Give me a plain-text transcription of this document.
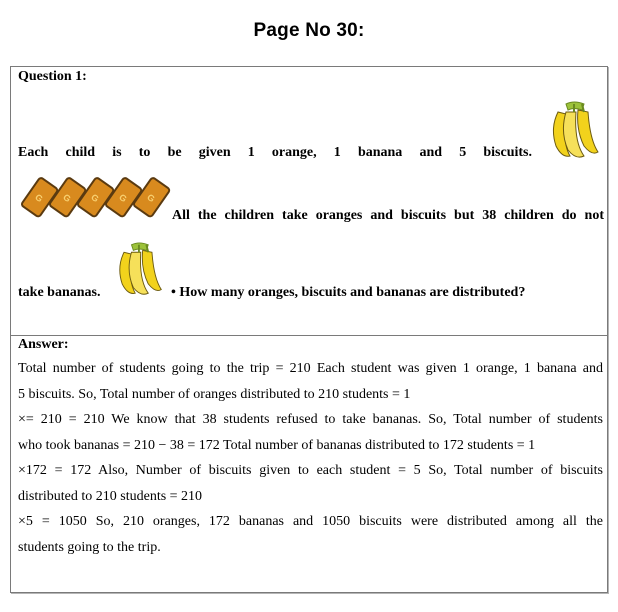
Page No 30:
Question 1:
Each child is to be given 1 orange, 1 banana and 5 biscuits.
G G G G G
All the children take oranges and biscuits but 38 children do not
take bananas.	• How many oranges, biscuits and bananas are distributed?
Answer:
Total number of students going to the trip = 210 Each student was given 1 orange, 1 banana and
5 biscuits. So, Total number of oranges distributed to 210 students = 1
×= 210 = 210 We know that 38 students refused to take bananas. So, Total number of students
who took bananas = 210 − 38 = 172 Total number of bananas distributed to 172 students = 1
×172 = 172 Also, Number of biscuits given to each student = 5 So, Total number of biscuits
distributed to 210 students = 210
×5 = 1050 So, 210 oranges, 172 bananas and 1050 biscuits were distributed among all the
students going to the trip.
